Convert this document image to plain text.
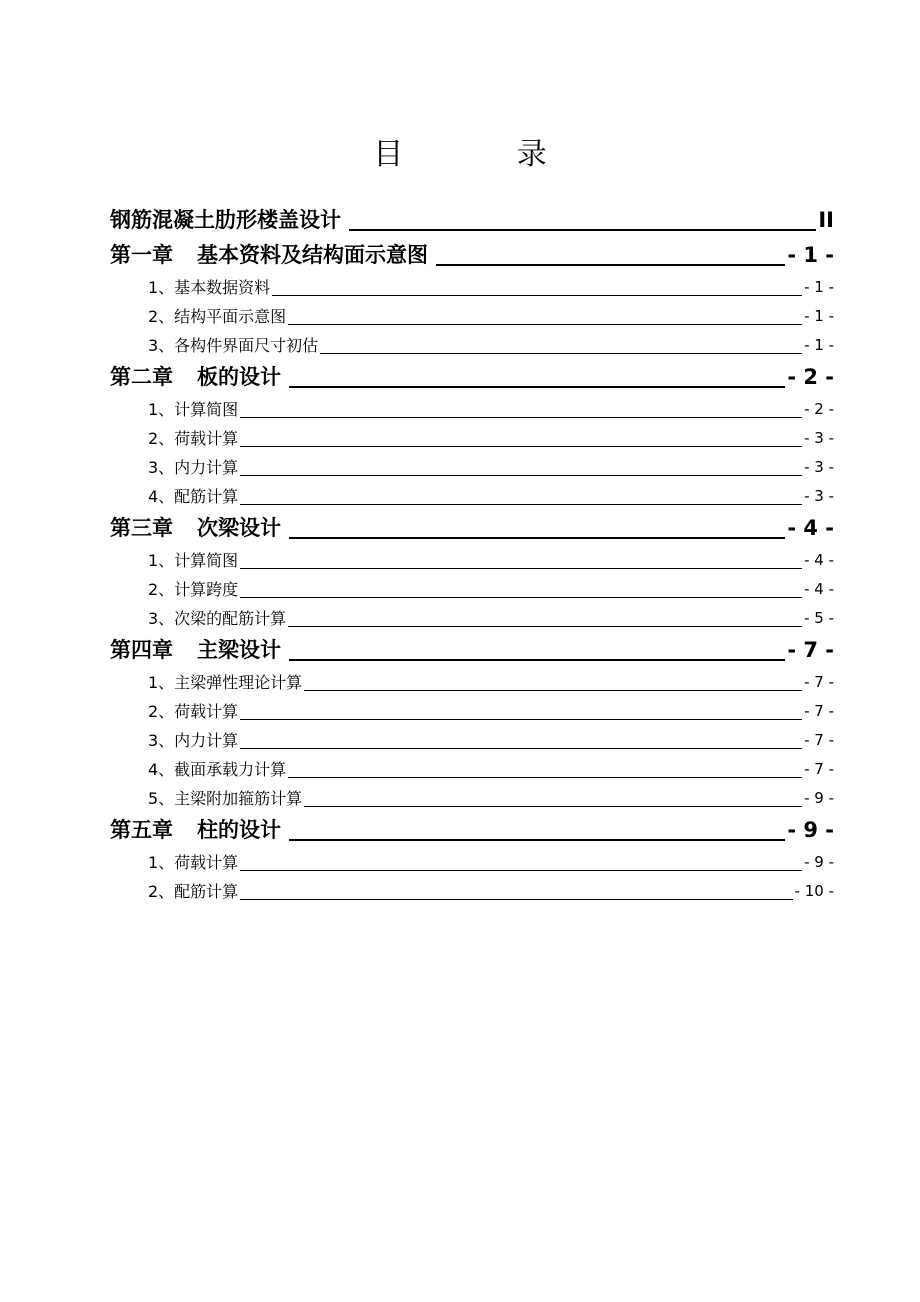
目 录
钢筋混凝土肋形楼盖设计	II
第一章 基本资料及结构面示意图	- 1 -
1、基本数据资料	- 1 -
2、结构平面示意图	- 1 -
3、各构件界面尺寸初估	- 1 -
第二章 板的设计	- 2 -
1、计算简图	- 2 -
2、荷载计算	- 3 -
3、内力计算	- 3 -
4、配筋计算	- 3 -
第三章 次梁设计	- 4 -
1、计算简图	- 4 -
2、计算跨度	- 4 -
3、次梁的配筋计算	- 5 -
第四章 主梁设计	- 7 -
1、主梁弹性理论计算	- 7 -
2、荷载计算	- 7 -
3、内力计算	- 7 -
4、截面承载力计算	- 7 -
5、主梁附加箍筋计算	- 9 -
第五章 柱的设计	- 9 -
1、荷载计算	- 9 -
2、配筋计算	- 10 -
